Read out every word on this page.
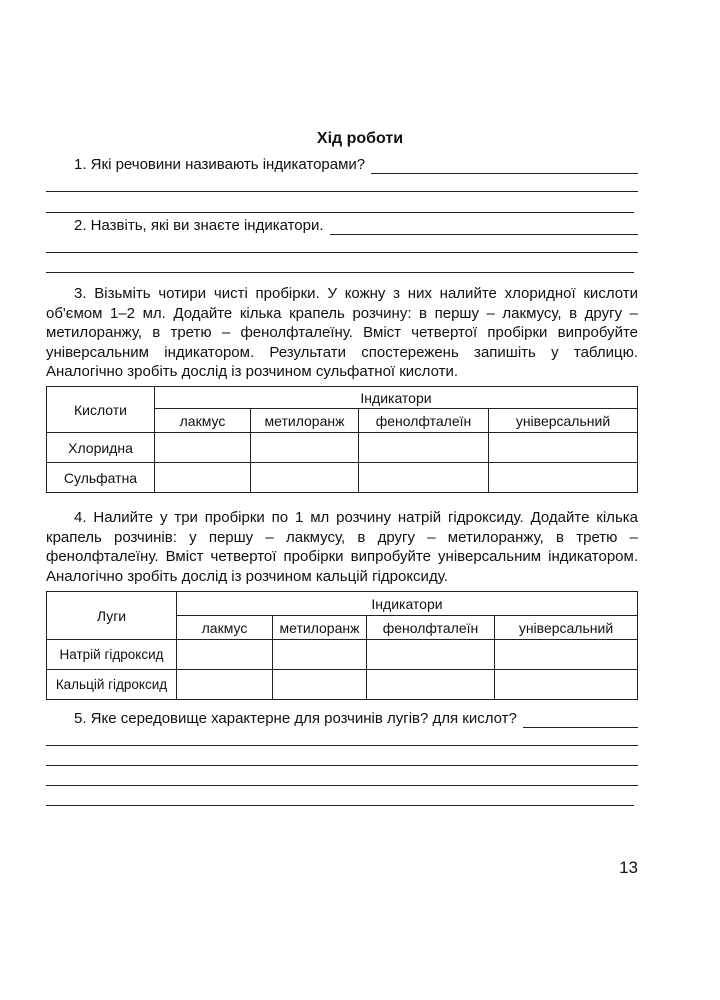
Хід роботи
1. Які речовини називають індикаторами?
2. Назвіть, які ви знаєте індикатори.
3. Візьміть чотири чисті пробірки. У кожну з них налийте хлоридної кислоти об'ємом 1–2 мл. Додайте кілька крапель розчину: в першу – лакмусу, в другу – метилоранжу, в третю – фенолфталеїну. Вміст четвертої пробірки випробуйте універсальним індикатором. Результати спостережень запишіть у таблицю. Аналогічно зробіть дослід із розчином сульфатної кислоти.
Кислоти	Індикатори			
	лакмус	метилоранж	фенолфталеїн	універсальний
Хлоридна				
Сульфатна				
4. Налийте у три пробірки по 1 мл розчину натрій гідроксиду. Додайте кілька крапель розчинів: у першу – лакмусу, в другу – метилоранжу, в третю – фенолфталеїну. Вміст четвертої пробірки випробуйте універсальним індикатором. Аналогічно зробіть дослід із розчином кальцій гідроксиду.
Луги	Індикатори			
	лакмус	метилоранж	фенолфталеїн	універсальний
Натрій гідроксид				
Кальцій гідроксид				
5. Яке середовище характерне для розчинів лугів? для кислот?
13
